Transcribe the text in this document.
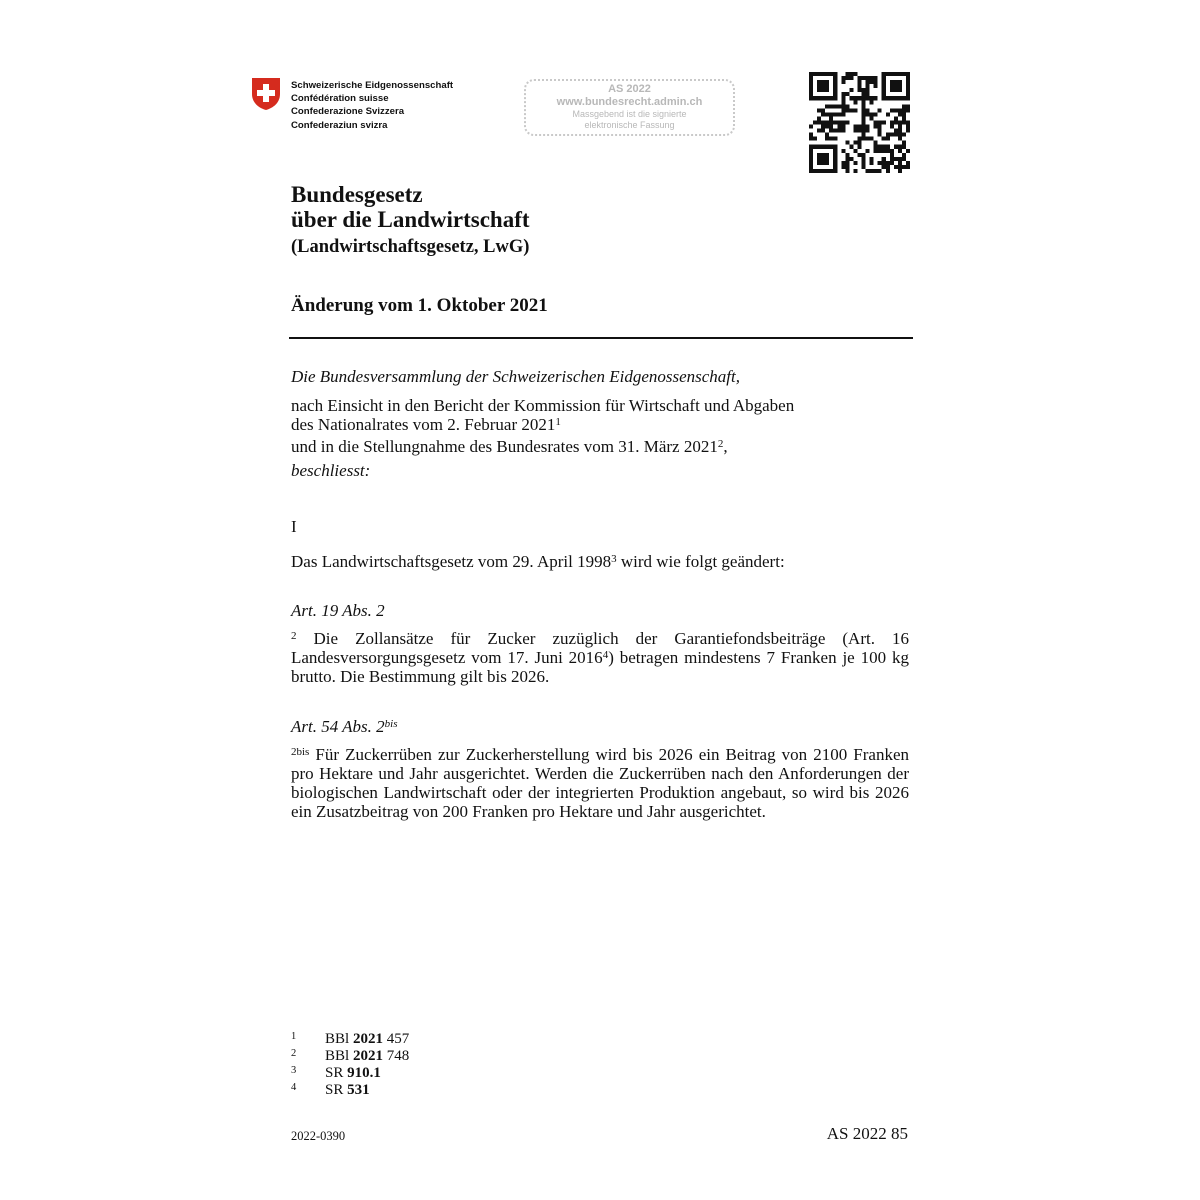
Schweizerische Eidgenossenschaft
Confédération suisse
Confederazione Svizzera
Confederaziun svizra
AS 2022
www.bundesrecht.admin.ch
Massgebend ist die signierte
elektronische Fassung
Bundesgesetz
über die Landwirtschaft
(Landwirtschaftsgesetz, LwG)
Änderung vom 1. Oktober 2021
Die Bundesversammlung der Schweizerischen Eidgenossenschaft,
nach Einsicht in den Bericht der Kommission für Wirtschaft und Abgaben
des Nationalrates vom 2. Februar 2021$^1$
und in die Stellungnahme des Bundesrates vom 31. März 2021$^2$,
beschliesst:
I
Das Landwirtschaftsgesetz vom 29. April 1998$^3$ wird wie folgt geändert:
Art. 19 Abs. 2
$^2$ Die Zollansätze für Zucker zuzüglich der Garantiefondsbeiträge (Art. 16 Landesversorgungsgesetz vom 17. Juni 2016$^4$) betragen mindestens 7 Franken je 100 kg brutto. Die Bestimmung gilt bis 2026.
Art. 54 Abs. 2$^{bis}$
$^{2bis}$ Für Zuckerrüben zur Zuckerherstellung wird bis 2026 ein Beitrag von 2100 Franken pro Hektare und Jahr ausgerichtet. Werden die Zuckerrüben nach den Anforderungen der biologischen Landwirtschaft oder der integrierten Produktion angebaut, so wird bis 2026 ein Zusatzbeitrag von 200 Franken pro Hektare und Jahr ausgerichtet.
1 BBl 2021 457
2 BBl 2021 748
3 SR 910.1
4 SR 531
2022-0390	AS 2022 85
